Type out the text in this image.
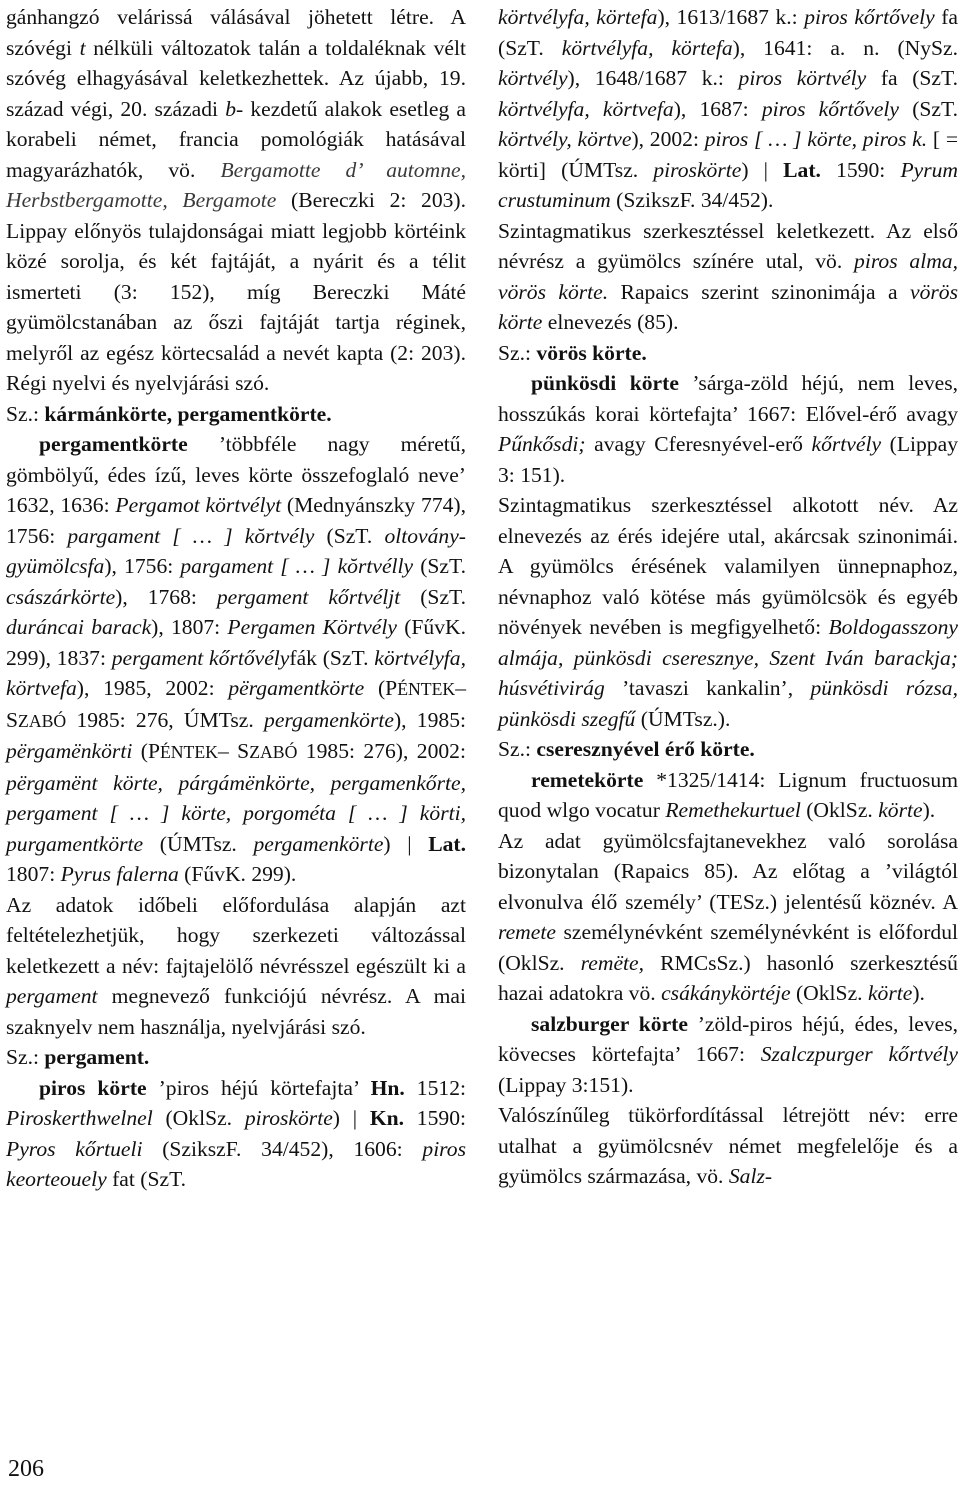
gánhangzó velárissá válásával jöhetett létre. A szóvégi t nélküli változatok talán a toldaléknak vélt szóvég elhagyásával keletkezhettek. Az újabb, 19. század végi, 20. századi b- kezdetű alakok esetleg a korabeli német, francia pomológiák hatásával magyarázhatók, vö. Bergamotte d’ automne, Herbstbergamotte, Bergamote (Bereczki 2: 203). Lippay előnyös tulajdonságai miatt legjobb körtéink közé sorolja, és két fajtáját, a nyárit és a télit ismerteti (3: 152), míg Bereczki Máté gyümölcstanában az őszi fajtáját tartja réginek, melyről az egész körtecsalád a nevét kapta (2: 203). Régi nyelvi és nyelvjárási szó.

Sz.: kármánkörte, pergamentkörte.

pergamentkörte ’többféle nagy méretű, gömbölyű, édes ízű, leves körte összefoglaló neve’ 1632, 1636: Pergamot körtvélyt (Mednyánszky 774), 1756: pargament [ … ] kŏrtvély (SzT. oltovány-gyümölcsfa), 1756: pargament [ … ] kŏrtvélly (SzT. császárkörte), 1768: pergament kőrtvéljt (SzT. duráncai barack), 1807: Pergamen Körtvély (FűvK. 299), 1837: pergament kőrtővélyfák (SzT. körtvélyfa, körtvefa), 1985, 2002: pёrgamentkörte (PÉNTEK–SZABÓ 1985: 276, ÚMTsz. pergamenkörte), 1985: pёrgamёnkörti (PÉNTEK– SZABÓ 1985: 276), 2002: pёrgamёnt körte, párgámёnkörte, pergamenkőrte, pergament [ … ] körte, porgométa [ … ] körti, purgamentkörte (ÚMTsz. pergamenkörte) | Lat. 1807: Pyrus falerna (FűvK. 299).

Az adatok időbeli előfordulása alapján azt feltételezhetjük, hogy szerkezeti változással keletkezett a név: fajtajelölő névrésszel egészült ki a pergament megnevező funkciójú névrész. A mai szaknyelv nem használja, nyelvjárási szó.

Sz.: pergament.

piros körte ’piros héjú körtefajta’ Hn. 1512: Piroskerthwelnel (OklSz. piroskörte) | Kn. 1590: Pyros kőrtueli (SzikszF. 34/452), 1606: piros keorteouely fat (SzT.

körtvélyfa, körtefa), 1613/1687 k.: piros kőrtővely fa (SzT. körtvélyfa, körtefa), 1641: a. n. (NySz. körtvély), 1648/1687 k.: piros körtvély fa (SzT. körtvélyfa, körtvefa), 1687: piros kőrtővely (SzT. körtvély, körtve), 2002: piros [ … ] körte, piros k. [ = körti] (ÚMTsz. piroskörte) | Lat. 1590: Pyrum crustuminum (SzikszF. 34/452).

Szintagmatikus szerkesztéssel keletkezett. Az első névrész a gyümölcs színére utal, vö. piros alma, vörös körte. Rapaics szerint szinonimája a vörös körte elnevezés (85).

Sz.: vörös körte.

pünkösdi körte ’sárga-zöld héjú, nem leves, hosszúkás korai körtefajta’ 1667: Elővel-érő avagy Pűnkősdi; avagy Cferesnyével-erő kőrtvély (Lippay 3: 151).

Szintagmatikus szerkesztéssel alkotott név. Az elnevezés az érés idejére utal, akárcsak szinonimái. A gyümölcs érésének valamilyen ünnepnaphoz, névnaphoz való kötése más gyümölcsök és egyéb növények nevében is megfigyelhető: Boldogasszony almája, pünkösdi cseresznye, Szent Iván barackja; húsvétivirág ’tavaszi kankalin’, pünkösdi rózsa, pünkösdi szegfű (ÚMTsz.).

Sz.: cseresznyével érő körte.

remetekörte *1325/1414: Lignum fructuosum quod wlgo vocatur Remethekurtuel (OklSz. körte).

Az adat gyümölcsfajtanevekhez való sorolása bizonytalan (Rapaics 85). Az előtag a ’világtól elvonulva élő személy’ (TESz.) jelentésű köznév. A remete személynévként személynévként is előfordul (OklSz. remёte, RMCsSz.) hasonló szerkesztésű hazai adatokra vö. csákánykörtéje (OklSz. körte).

salzburger körte ’zöld-piros héjú, édes, leves, kövecses körtefajta’ 1667: Szalczpurger kőrtvély (Lippay 3:151).

Valószínűleg tükörfordítással létrejött név: erre utalhat a gyümölcsnév német megfelelője és a gyümölcs származása, vö. Salz-

206
